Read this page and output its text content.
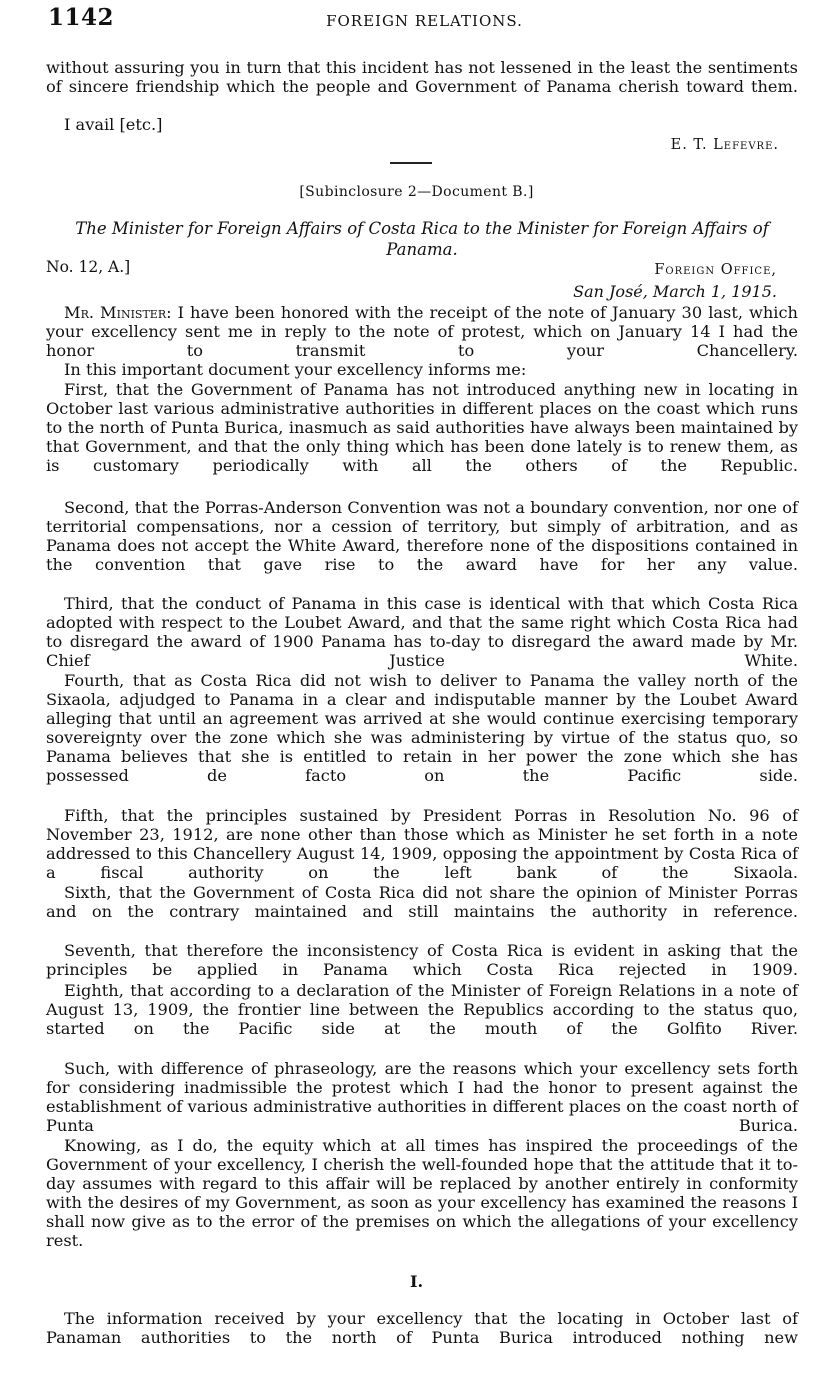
1142	FOREIGN RELATIONS.

without assuring you in turn that this incident has not lessened in the least the sentiments of sincere friendship which the people and Government of Panama cherish toward them.

I avail [etc.]

E. T. Lefevre.
[Subinclosure 2—Document B.]

The Minister for Foreign Affairs of Costa Rica to the Minister for Foreign Affairs of Panama.

No. 12, A.]	Foreign Office,
San José, March 1, 1915.

Mr. Minister: I have been honored with the receipt of the note of January 30 last, which your excellency sent me in reply to the note of protest, which on January 14 I had the honor to transmit to your Chancellery.

In this important document your excellency informs me:

First, that the Government of Panama has not introduced anything new in locating in October last various administrative authorities in different places on the coast which runs to the north of Punta Burica, inasmuch as said authorities have always been maintained by that Government, and that the only thing which has been done lately is to renew them, as is customary periodically with all the others of the Republic.

Second, that the Porras-Anderson Convention was not a boundary convention, nor one of territorial compensations, nor a cession of territory, but simply of arbitration, and as Panama does not accept the White Award, therefore none of the dispositions contained in the convention that gave rise to the award have for her any value.

Third, that the conduct of Panama in this case is identical with that which Costa Rica adopted with respect to the Loubet Award, and that the same right which Costa Rica had to disregard the award of 1900 Panama has to-day to disregard the award made by Mr. Chief Justice White.

Fourth, that as Costa Rica did not wish to deliver to Panama the valley north of the Sixaola, adjudged to Panama in a clear and indisputable manner by the Loubet Award alleging that until an agreement was arrived at she would continue exercising temporary sovereignty over the zone which she was administering by virtue of the status quo, so Panama believes that she is entitled to retain in her power the zone which she has possessed de facto on the Pacific side.

Fifth, that the principles sustained by President Porras in Resolution No. 96 of November 23, 1912, are none other than those which as Minister he set forth in a note addressed to this Chancellery August 14, 1909, opposing the appointment by Costa Rica of a fiscal authority on the left bank of the Sixaola.

Sixth, that the Government of Costa Rica did not share the opinion of Minister Porras and on the contrary maintained and still maintains the authority in reference.

Seventh, that therefore the inconsistency of Costa Rica is evident in asking that the principles be applied in Panama which Costa Rica rejected in 1909.

Eighth, that according to a declaration of the Minister of Foreign Relations in a note of August 13, 1909, the frontier line between the Republics according to the status quo, started on the Pacific side at the mouth of the Golfito River.

Such, with difference of phraseology, are the reasons which your excellency sets forth for considering inadmissible the protest which I had the honor to present against the establishment of various administrative authorities in different places on the coast north of Punta Burica.

Knowing, as I do, the equity which at all times has inspired the proceedings of the Government of your excellency, I cherish the well-founded hope that the attitude that it to-day assumes with regard to this affair will be replaced by another entirely in conformity with the desires of my Government, as soon as your excellency has examined the reasons I shall now give as to the error of the premises on which the allegations of your excellency rest.

I.

The information received by your excellency that the locating in October last of Panaman authorities to the north of Punta Burica introduced nothing new
